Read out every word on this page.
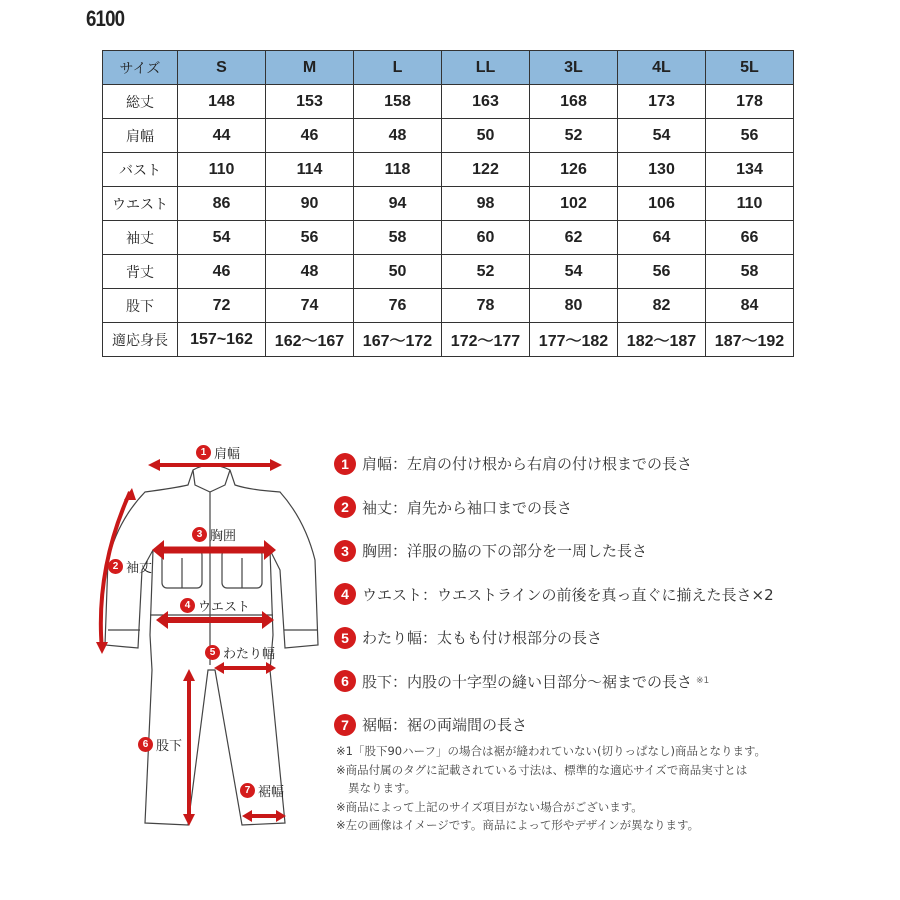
6100
サイズ	S	M	L	LL	3L	4L	5L
総丈	148	153	158	163	168	173	178
肩幅	44	46	48	50	52	54	56
バスト	110	114	118	122	126	130	134
ウエスト	86	90	94	98	102	106	110
袖丈	54	56	58	60	62	64	66
背丈	46	48	50	52	54	56	58
股下	72	74	76	78	80	82	84
適応身長	157~162	162〜167	167〜172	172〜177	177〜182	182〜187	187〜192
1 肩幅
2 袖丈
3 胸囲
4 ウエスト
5 わたり幅
6 股下
7 裾幅
1 肩幅：左肩の付け根から右肩の付け根までの長さ
2 袖丈：肩先から袖口までの長さ
3 胸囲：洋服の脇の下の部分を一周した長さ
4 ウエスト：ウエストラインの前後を真っ直ぐに揃えた長さ×2
5 わたり幅：太もも付け根部分の長さ
6 股下：内股の十字型の縫い目部分〜裾までの長さ ※1
7 裾幅：裾の両端間の長さ
※1「股下90ハーフ」の場合は裾が縫われていない(切りっぱなし)商品となります。
※商品付属のタグに記載されている寸法は、標準的な適応サイズで商品実寸とは
異なります。
※商品によって上記のサイズ項目がない場合がございます。
※左の画像はイメージです。商品によって形やデザインが異なります。
